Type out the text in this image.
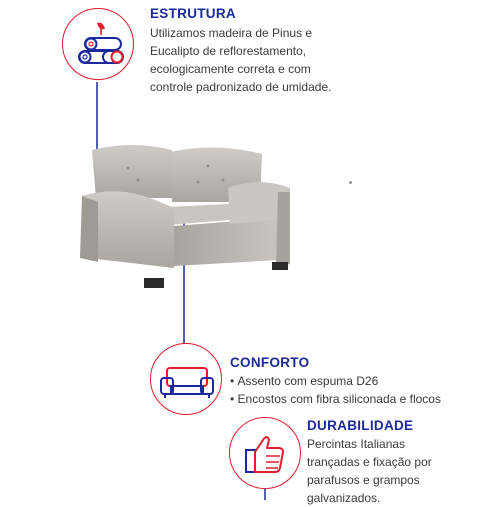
ESTRUTURA
Utilizamos madeira de Pinus e
Eucalipto de reflorestamento,
ecologicamente correta e com
controle padronizado de umidade.
CONFORTO
• Assento com espuma D26
• Encostos com fibra siliconada e flocos
DURABILIDADE
Percintas Italianas
trançadas e fixação por
parafusos e grampos
galvanizados.
